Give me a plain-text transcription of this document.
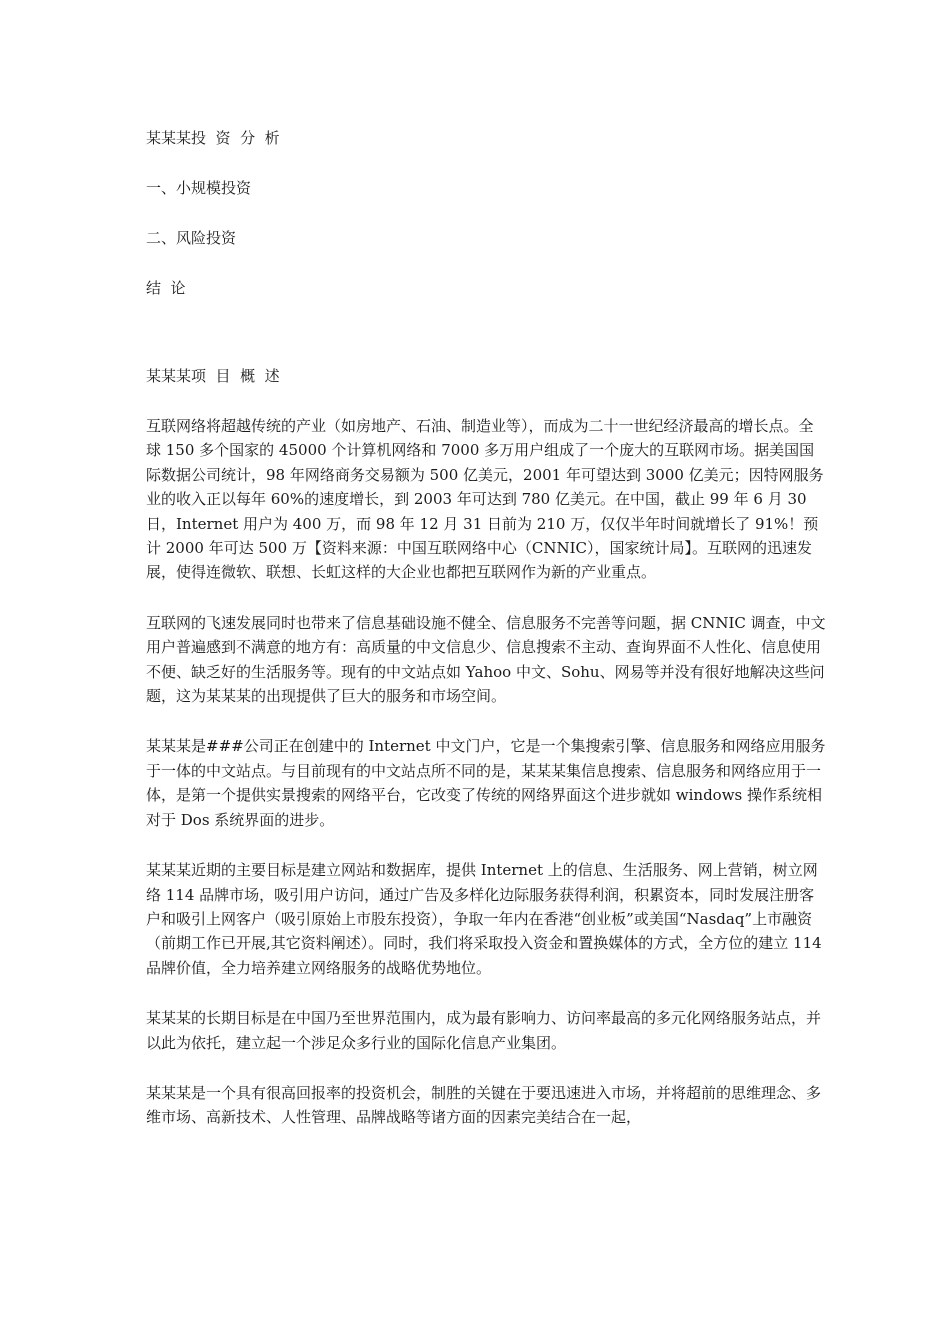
某某某投  资  分  析
一、小规模投资
二、风险投资
结  论
某某某项  目  概  述

互联网络将超越传统的产业（如房地产、石油、制造业等），而成为二十一世纪经济最高的增长点。全球 150 多个国家的 45000 个计算机网络和 7000 多万用户组成了一个庞大的互联网市场。据美国国际数据公司统计，98 年网络商务交易额为 500 亿美元，2001 年可望达到 3000 亿美元；因特网服务业的收入正以每年 60%的速度增长，到 2003 年可达到 780 亿美元。在中国，截止 99 年 6 月 30 日，Internet 用户为 400 万，而 98 年 12 月 31 日前为 210 万，仅仅半年时间就增长了 91%！预计 2000 年可达 500 万【资料来源：中国互联网络中心（CNNIC），国家统计局】。互联网的迅速发展，使得连微软、联想、长虹这样的大企业也都把互联网作为新的产业重点。

互联网的飞速发展同时也带来了信息基础设施不健全、信息服务不完善等问题，据 CNNIC 调查，中文用户普遍感到不满意的地方有：高质量的中文信息少、信息搜索不主动、查询界面不人性化、信息使用不便、缺乏好的生活服务等。现有的中文站点如 Yahoo 中文、Sohu、网易等并没有很好地解决这些问题，这为某某某的出现提供了巨大的服务和市场空间。

某某某是###公司正在创建中的 Internet 中文门户，它是一个集搜索引擎、信息服务和网络应用服务于一体的中文站点。与目前现有的中文站点所不同的是，某某某集信息搜索、信息服务和网络应用于一体，是第一个提供实景搜索的网络平台，它改变了传统的网络界面这个进步就如 windows 操作系统相对于 Dos 系统界面的进步。

某某某近期的主要目标是建立网站和数据库，提供 Internet 上的信息、生活服务、网上营销，树立网络 114 品牌市场，吸引用户访问，通过广告及多样化边际服务获得利润，积累资本，同时发展注册客户和吸引上网客户（吸引原始上市股东投资），争取一年内在香港“创业板”或美国“Nasdaq”上市融资（前期工作已开展,其它资料阐述）。同时，我们将采取投入资金和置换媒体的方式，全方位的建立 114 品牌价值，全力培养建立网络服务的战略优势地位。

某某某的长期目标是在中国乃至世界范围内，成为最有影响力、访问率最高的多元化网络服务站点，并以此为依托，建立起一个涉足众多行业的国际化信息产业集团。

某某某是一个具有很高回报率的投资机会，制胜的关键在于要迅速进入市场，并将超前的思维理念、多维市场、高新技术、人性管理、品牌战略等诸方面的因素完美结合在一起，
